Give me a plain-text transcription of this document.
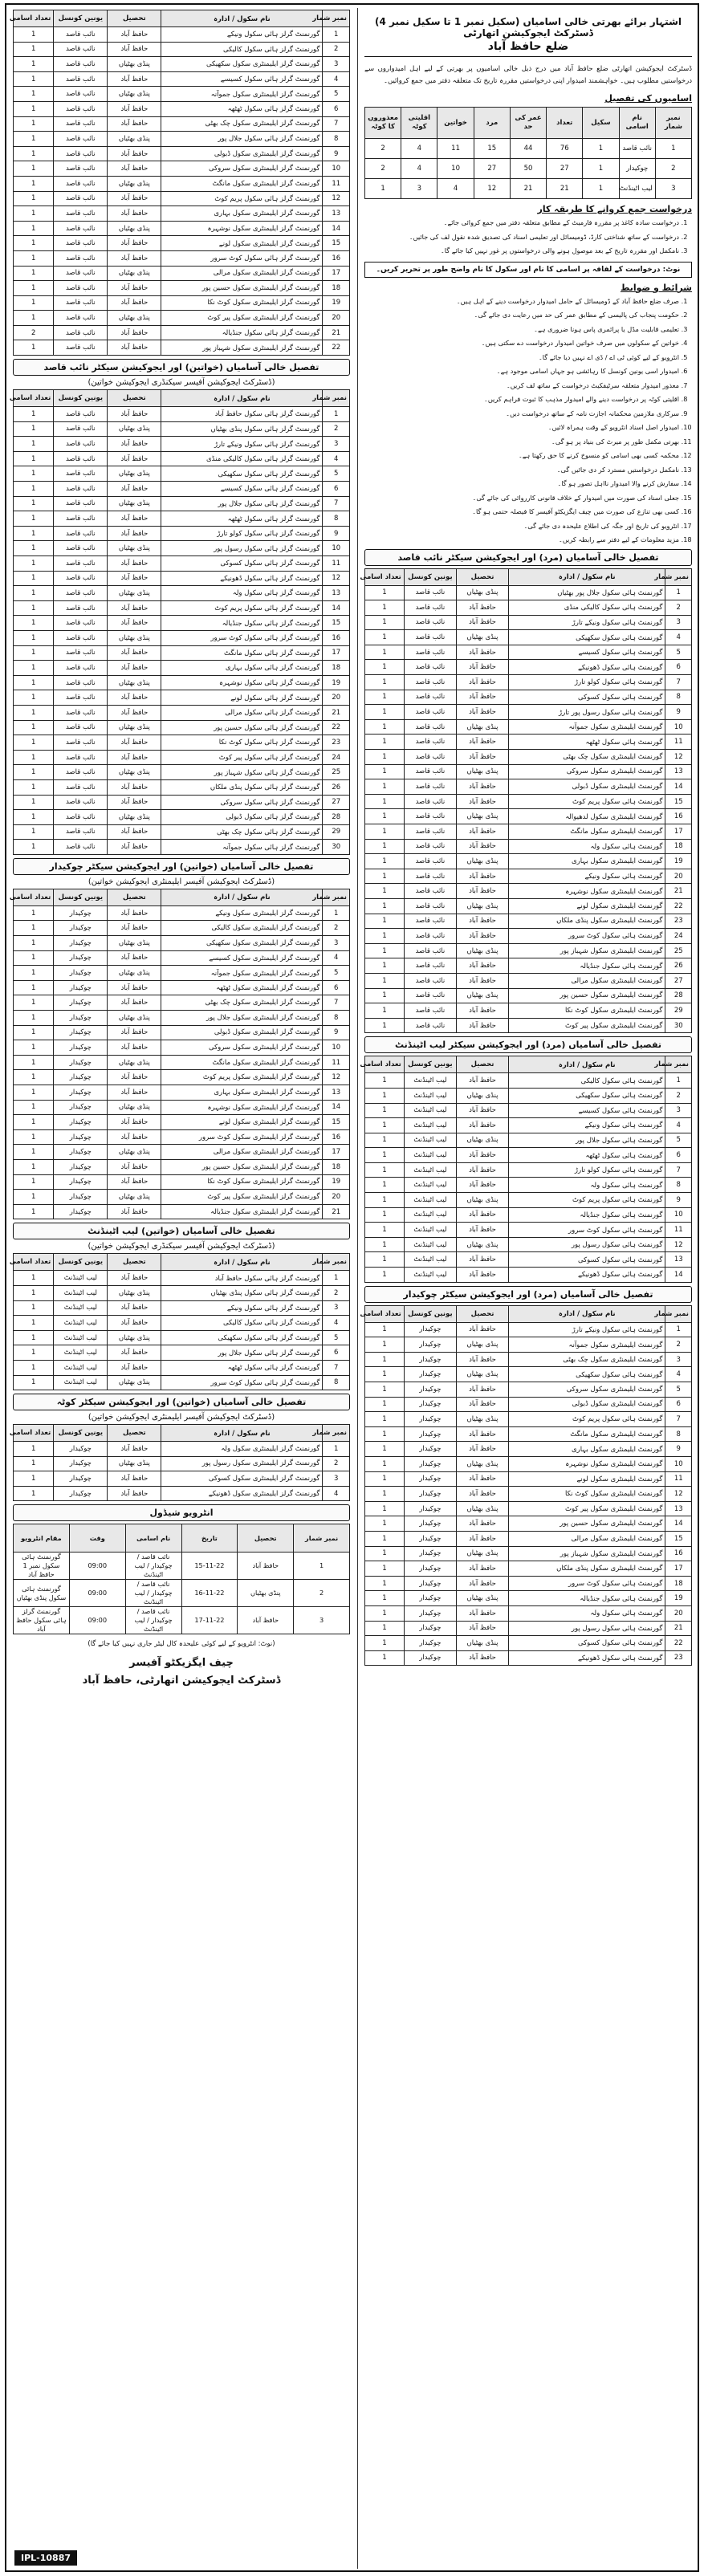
اشتہار برائے بھرتی خالی اسامیاں (سکیل نمبر 1 تا سکیل نمبر 4) ڈسٹرکٹ ایجوکیشن اتھارٹی
ضلع حافظ آباد
ڈسٹرکٹ ایجوکیشن اتھارٹی ضلع حافظ آباد میں درج ذیل خالی اسامیوں پر بھرتی کے لیے اہل امیدواروں سے درخواستیں مطلوب ہیں۔ خواہشمند امیدوار اپنی درخواستیں مقررہ تاریخ تک متعلقہ دفتر میں جمع کروائیں۔
اسامیوں کی تفصیل
نمبر شمار	نام اسامی	سکیل	تعداد	عمر کی حد	مرد	خواتین	اقلیتی کوٹہ	معذوروں کا کوٹہ
1	نائب قاصد	1	76	44	15	11	4	2
2	چوکیدار	1	27	50	27	10	4	2
3	لیب اٹینڈنٹ	1	21	21	12	4	3	1
درخواست جمع کروانے کا طریقہ کار
1. درخواست سادہ کاغذ پر مقررہ فارمیٹ کے مطابق متعلقہ دفتر میں جمع کروائی جائے۔
2. درخواست کے ساتھ شناختی کارڈ، ڈومیسائل اور تعلیمی اسناد کی تصدیق شدہ نقول لف کی جائیں۔
3. نامکمل اور مقررہ تاریخ کے بعد موصول ہونے والی درخواستوں پر غور نہیں کیا جائے گا۔
نوٹ: درخواست کے لفافہ پر اسامی کا نام اور سکول کا نام واضح طور پر تحریر کریں۔
شرائط و ضوابط
1. صرف ضلع حافظ آباد کے ڈومیسائل کے حامل امیدوار درخواست دینے کے اہل ہیں۔
2. حکومت پنجاب کی پالیسی کے مطابق عمر کی حد میں رعایت دی جائے گی۔
3. تعلیمی قابلیت مڈل یا پرائمری پاس ہونا ضروری ہے۔
4. خواتین کے سکولوں میں صرف خواتین امیدوار درخواست دے سکتی ہیں۔
5. انٹرویو کے لیے کوئی ٹی اے / ڈی اے نہیں دیا جائے گا۔
6. امیدوار اسی یونین کونسل کا رہائشی ہو جہاں اسامی موجود ہے۔
7. معذور امیدوار متعلقہ سرٹیفکیٹ درخواست کے ساتھ لف کریں۔
8. اقلیتی کوٹہ پر درخواست دینے والے امیدوار مذہب کا ثبوت فراہم کریں۔
9. سرکاری ملازمین محکمانہ اجازت نامہ کے ساتھ درخواست دیں۔
10. امیدوار اصل اسناد انٹرویو کے وقت ہمراہ لائیں۔
11. بھرتی مکمل طور پر میرٹ کی بنیاد پر ہو گی۔
12. محکمہ کسی بھی اسامی کو منسوخ کرنے کا حق رکھتا ہے۔
13. نامکمل درخواستیں مسترد کر دی جائیں گی۔
14. سفارش کرنے والا امیدوار نااہل تصور ہو گا۔
15. جعلی اسناد کی صورت میں امیدوار کے خلاف قانونی کارروائی کی جائے گی۔
16. کسی بھی تنازع کی صورت میں چیف ایگزیکٹو آفیسر کا فیصلہ حتمی ہو گا۔
17. انٹرویو کی تاریخ اور جگہ کی اطلاع علیحدہ دی جائے گی۔
18. مزید معلومات کے لیے دفتر سے رابطہ کریں۔
تفصیل خالی آسامیاں (مرد) اور ایجوکیشن سیکٹر نائب قاصد
نمبر شمار	نام سکول / ادارہ	تحصیل	یونین کونسل	تعداد اسامی
1	گورنمنٹ ہائی سکول جلال پور بھٹیاں	پنڈی بھٹیاں	نائب قاصد	1
2	گورنمنٹ ہائی سکول کالیکی منڈی	حافظ آباد	نائب قاصد	1
3	گورنمنٹ ہائی سکول ونیکے تارڑ	حافظ آباد	نائب قاصد	1
4	گورنمنٹ ہائی سکول سکھیکی	پنڈی بھٹیاں	نائب قاصد	1
5	گورنمنٹ ہائی سکول کسیسے	حافظ آباد	نائب قاصد	1
6	گورنمنٹ ہائی سکول ڈھونیکے	حافظ آباد	نائب قاصد	1
7	گورنمنٹ ہائی سکول کولو تارڑ	حافظ آباد	نائب قاصد	1
8	گورنمنٹ ہائی سکول کسوکی	حافظ آباد	نائب قاصد	1
9	گورنمنٹ ہائی سکول رسول پور تارڑ	حافظ آباد	نائب قاصد	1
10	گورنمنٹ ایلیمنٹری سکول جموآنہ	پنڈی بھٹیاں	نائب قاصد	1
11	گورنمنٹ ہائی سکول ٹھٹھہ	حافظ آباد	نائب قاصد	1
12	گورنمنٹ ایلیمنٹری سکول چک بھٹی	حافظ آباد	نائب قاصد	1
13	گورنمنٹ ایلیمنٹری سکول سروکی	پنڈی بھٹیاں	نائب قاصد	1
14	گورنمنٹ ایلیمنٹری سکول ڈبولی	حافظ آباد	نائب قاصد	1
15	گورنمنٹ ہائی سکول پریم کوٹ	حافظ آباد	نائب قاصد	1
16	گورنمنٹ ایلیمنٹری سکول لدھیوالہ	پنڈی بھٹیاں	نائب قاصد	1
17	گورنمنٹ ایلیمنٹری سکول مانگٹ	حافظ آباد	نائب قاصد	1
18	گورنمنٹ ہائی سکول ولہ	حافظ آباد	نائب قاصد	1
19	گورنمنٹ ایلیمنٹری سکول بہاری	پنڈی بھٹیاں	نائب قاصد	1
20	گورنمنٹ ہائی سکول ونیکے	حافظ آباد	نائب قاصد	1
21	گورنمنٹ ایلیمنٹری سکول نوشہرہ	حافظ آباد	نائب قاصد	1
22	گورنمنٹ ایلیمنٹری سکول لونے	پنڈی بھٹیاں	نائب قاصد	1
23	گورنمنٹ ایلیمنٹری سکول پنڈی ملکاں	حافظ آباد	نائب قاصد	1
24	گورنمنٹ ہائی سکول کوٹ سرور	حافظ آباد	نائب قاصد	1
25	گورنمنٹ ایلیمنٹری سکول شہباز پور	پنڈی بھٹیاں	نائب قاصد	1
26	گورنمنٹ ہائی سکول جنڈیالہ	حافظ آباد	نائب قاصد	1
27	گورنمنٹ ایلیمنٹری سکول مرالی	حافظ آباد	نائب قاصد	1
28	گورنمنٹ ایلیمنٹری سکول حسین پور	پنڈی بھٹیاں	نائب قاصد	1
29	گورنمنٹ ایلیمنٹری سکول کوٹ نکا	حافظ آباد	نائب قاصد	1
30	گورنمنٹ ایلیمنٹری سکول پیر کوٹ	حافظ آباد	نائب قاصد	1
تفصیل خالی آسامیاں (مرد) اور ایجوکیشن سیکٹر لیب اٹینڈنٹ
نمبر شمار	نام سکول / ادارہ	تحصیل	یونین کونسل	تعداد اسامی
1	گورنمنٹ ہائی سکول کالیکی	حافظ آباد	لیب اٹینڈنٹ	1
2	گورنمنٹ ہائی سکول سکھیکی	پنڈی بھٹیاں	لیب اٹینڈنٹ	1
3	گورنمنٹ ہائی سکول کسیسے	حافظ آباد	لیب اٹینڈنٹ	1
4	گورنمنٹ ہائی سکول ونیکے	حافظ آباد	لیب اٹینڈنٹ	1
5	گورنمنٹ ہائی سکول جلال پور	پنڈی بھٹیاں	لیب اٹینڈنٹ	1
6	گورنمنٹ ہائی سکول ٹھٹھہ	حافظ آباد	لیب اٹینڈنٹ	1
7	گورنمنٹ ہائی سکول کولو تارڑ	حافظ آباد	لیب اٹینڈنٹ	1
8	گورنمنٹ ہائی سکول ولہ	حافظ آباد	لیب اٹینڈنٹ	1
9	گورنمنٹ ہائی سکول پریم کوٹ	پنڈی بھٹیاں	لیب اٹینڈنٹ	1
10	گورنمنٹ ہائی سکول جنڈیالہ	حافظ آباد	لیب اٹینڈنٹ	1
11	گورنمنٹ ہائی سکول کوٹ سرور	حافظ آباد	لیب اٹینڈنٹ	1
12	گورنمنٹ ہائی سکول رسول پور	پنڈی بھٹیاں	لیب اٹینڈنٹ	1
13	گورنمنٹ ہائی سکول کسوکی	حافظ آباد	لیب اٹینڈنٹ	1
14	گورنمنٹ ہائی سکول ڈھونیکے	حافظ آباد	لیب اٹینڈنٹ	1
تفصیل خالی آسامیاں (مرد) اور ایجوکیشن سیکٹر چوکیدار
نمبر شمار	نام سکول / ادارہ	تحصیل	یونین کونسل	تعداد اسامی
1	گورنمنٹ ہائی سکول ونیکے تارڑ	حافظ آباد	چوکیدار	1
2	گورنمنٹ ایلیمنٹری سکول جموآنہ	پنڈی بھٹیاں	چوکیدار	1
3	گورنمنٹ ایلیمنٹری سکول چک بھٹی	حافظ آباد	چوکیدار	1
4	گورنمنٹ ہائی سکول سکھیکی	پنڈی بھٹیاں	چوکیدار	1
5	گورنمنٹ ایلیمنٹری سکول سروکی	حافظ آباد	چوکیدار	1
6	گورنمنٹ ایلیمنٹری سکول ڈبولی	حافظ آباد	چوکیدار	1
7	گورنمنٹ ہائی سکول پریم کوٹ	پنڈی بھٹیاں	چوکیدار	1
8	گورنمنٹ ایلیمنٹری سکول مانگٹ	حافظ آباد	چوکیدار	1
9	گورنمنٹ ایلیمنٹری سکول بہاری	حافظ آباد	چوکیدار	1
10	گورنمنٹ ایلیمنٹری سکول نوشہرہ	پنڈی بھٹیاں	چوکیدار	1
11	گورنمنٹ ایلیمنٹری سکول لونے	حافظ آباد	چوکیدار	1
12	گورنمنٹ ایلیمنٹری سکول کوٹ نکا	حافظ آباد	چوکیدار	1
13	گورنمنٹ ایلیمنٹری سکول پیر کوٹ	پنڈی بھٹیاں	چوکیدار	1
14	گورنمنٹ ایلیمنٹری سکول حسین پور	حافظ آباد	چوکیدار	1
15	گورنمنٹ ایلیمنٹری سکول مرالی	حافظ آباد	چوکیدار	1
16	گورنمنٹ ایلیمنٹری سکول شہباز پور	پنڈی بھٹیاں	چوکیدار	1
17	گورنمنٹ ایلیمنٹری سکول پنڈی ملکاں	حافظ آباد	چوکیدار	1
18	گورنمنٹ ہائی سکول کوٹ سرور	حافظ آباد	چوکیدار	1
19	گورنمنٹ ہائی سکول جنڈیالہ	پنڈی بھٹیاں	چوکیدار	1
20	گورنمنٹ ہائی سکول ولہ	حافظ آباد	چوکیدار	1
21	گورنمنٹ ہائی سکول رسول پور	حافظ آباد	چوکیدار	1
22	گورنمنٹ ہائی سکول کسوکی	پنڈی بھٹیاں	چوکیدار	1
23	گورنمنٹ ہائی سکول ڈھونیکے	حافظ آباد	چوکیدار	1
نمبر شمار	نام سکول / ادارہ	تحصیل	یونین کونسل	تعداد اسامی
1	گورنمنٹ گرلز ہائی سکول ونیکے	حافظ آباد	نائب قاصد	1
2	گورنمنٹ گرلز ہائی سکول کالیکی	حافظ آباد	نائب قاصد	1
3	گورنمنٹ گرلز ایلیمنٹری سکول سکھیکی	پنڈی بھٹیاں	نائب قاصد	1
4	گورنمنٹ گرلز ہائی سکول کسیسے	حافظ آباد	نائب قاصد	1
5	گورنمنٹ گرلز ایلیمنٹری سکول جموآنہ	پنڈی بھٹیاں	نائب قاصد	1
6	گورنمنٹ گرلز ہائی سکول ٹھٹھہ	حافظ آباد	نائب قاصد	1
7	گورنمنٹ گرلز ایلیمنٹری سکول چک بھٹی	حافظ آباد	نائب قاصد	1
8	گورنمنٹ گرلز ہائی سکول جلال پور	پنڈی بھٹیاں	نائب قاصد	1
9	گورنمنٹ گرلز ایلیمنٹری سکول ڈبولی	حافظ آباد	نائب قاصد	1
10	گورنمنٹ گرلز ایلیمنٹری سکول سروکی	حافظ آباد	نائب قاصد	1
11	گورنمنٹ گرلز ایلیمنٹری سکول مانگٹ	پنڈی بھٹیاں	نائب قاصد	1
12	گورنمنٹ گرلز ہائی سکول پریم کوٹ	حافظ آباد	نائب قاصد	1
13	گورنمنٹ گرلز ایلیمنٹری سکول بہاری	حافظ آباد	نائب قاصد	1
14	گورنمنٹ گرلز ایلیمنٹری سکول نوشہرہ	پنڈی بھٹیاں	نائب قاصد	1
15	گورنمنٹ گرلز ایلیمنٹری سکول لونے	حافظ آباد	نائب قاصد	1
16	گورنمنٹ گرلز ہائی سکول کوٹ سرور	حافظ آباد	نائب قاصد	1
17	گورنمنٹ گرلز ایلیمنٹری سکول مرالی	پنڈی بھٹیاں	نائب قاصد	1
18	گورنمنٹ گرلز ایلیمنٹری سکول حسین پور	حافظ آباد	نائب قاصد	1
19	گورنمنٹ گرلز ایلیمنٹری سکول کوٹ نکا	حافظ آباد	نائب قاصد	1
20	گورنمنٹ گرلز ایلیمنٹری سکول پیر کوٹ	پنڈی بھٹیاں	نائب قاصد	1
21	گورنمنٹ گرلز ہائی سکول جنڈیالہ	حافظ آباد	نائب قاصد	2
22	گورنمنٹ گرلز ایلیمنٹری سکول شہباز پور	حافظ آباد	نائب قاصد	1
تفصیل خالی آسامیاں (خواتین) اور ایجوکیشن سیکٹر نائب قاصد
(ڈسٹرکٹ ایجوکیشن آفیسر سیکنڈری ایجوکیشن خواتین)
نمبر شمار	نام سکول / ادارہ	تحصیل	یونین کونسل	تعداد اسامی
1	گورنمنٹ گرلز ہائی سکول حافظ آباد	حافظ آباد	نائب قاصد	1
2	گورنمنٹ گرلز ہائی سکول پنڈی بھٹیاں	پنڈی بھٹیاں	نائب قاصد	1
3	گورنمنٹ گرلز ہائی سکول ونیکے تارڑ	حافظ آباد	نائب قاصد	1
4	گورنمنٹ گرلز ہائی سکول کالیکی منڈی	حافظ آباد	نائب قاصد	1
5	گورنمنٹ گرلز ہائی سکول سکھیکی	پنڈی بھٹیاں	نائب قاصد	1
6	گورنمنٹ گرلز ہائی سکول کسیسے	حافظ آباد	نائب قاصد	1
7	گورنمنٹ گرلز ہائی سکول جلال پور	پنڈی بھٹیاں	نائب قاصد	1
8	گورنمنٹ گرلز ہائی سکول ٹھٹھہ	حافظ آباد	نائب قاصد	1
9	گورنمنٹ گرلز ہائی سکول کولو تارڑ	حافظ آباد	نائب قاصد	1
10	گورنمنٹ گرلز ہائی سکول رسول پور	پنڈی بھٹیاں	نائب قاصد	1
11	گورنمنٹ گرلز ہائی سکول کسوکی	حافظ آباد	نائب قاصد	1
12	گورنمنٹ گرلز ہائی سکول ڈھونیکے	حافظ آباد	نائب قاصد	1
13	گورنمنٹ گرلز ہائی سکول ولہ	پنڈی بھٹیاں	نائب قاصد	1
14	گورنمنٹ گرلز ہائی سکول پریم کوٹ	حافظ آباد	نائب قاصد	1
15	گورنمنٹ گرلز ہائی سکول جنڈیالہ	حافظ آباد	نائب قاصد	1
16	گورنمنٹ گرلز ہائی سکول کوٹ سرور	پنڈی بھٹیاں	نائب قاصد	1
17	گورنمنٹ گرلز ہائی سکول مانگٹ	حافظ آباد	نائب قاصد	1
18	گورنمنٹ گرلز ہائی سکول بہاری	حافظ آباد	نائب قاصد	1
19	گورنمنٹ گرلز ہائی سکول نوشہرہ	پنڈی بھٹیاں	نائب قاصد	1
20	گورنمنٹ گرلز ہائی سکول لونے	حافظ آباد	نائب قاصد	1
21	گورنمنٹ گرلز ہائی سکول مرالی	حافظ آباد	نائب قاصد	1
22	گورنمنٹ گرلز ہائی سکول حسین پور	پنڈی بھٹیاں	نائب قاصد	1
23	گورنمنٹ گرلز ہائی سکول کوٹ نکا	حافظ آباد	نائب قاصد	1
24	گورنمنٹ گرلز ہائی سکول پیر کوٹ	حافظ آباد	نائب قاصد	1
25	گورنمنٹ گرلز ہائی سکول شہباز پور	پنڈی بھٹیاں	نائب قاصد	1
26	گورنمنٹ گرلز ہائی سکول پنڈی ملکاں	حافظ آباد	نائب قاصد	1
27	گورنمنٹ گرلز ہائی سکول سروکی	حافظ آباد	نائب قاصد	1
28	گورنمنٹ گرلز ہائی سکول ڈبولی	پنڈی بھٹیاں	نائب قاصد	1
29	گورنمنٹ گرلز ہائی سکول چک بھٹی	حافظ آباد	نائب قاصد	1
30	گورنمنٹ گرلز ہائی سکول جموآنہ	حافظ آباد	نائب قاصد	1
تفصیل خالی آسامیاں (خواتین) اور ایجوکیشن سیکٹر چوکیدار
(ڈسٹرکٹ ایجوکیشن آفیسر ایلیمنٹری ایجوکیشن خواتین)
نمبر شمار	نام سکول / ادارہ	تحصیل	یونین کونسل	تعداد اسامی
1	گورنمنٹ گرلز ایلیمنٹری سکول ونیکے	حافظ آباد	چوکیدار	1
2	گورنمنٹ گرلز ایلیمنٹری سکول کالیکی	حافظ آباد	چوکیدار	1
3	گورنمنٹ گرلز ایلیمنٹری سکول سکھیکی	پنڈی بھٹیاں	چوکیدار	1
4	گورنمنٹ گرلز ایلیمنٹری سکول کسیسے	حافظ آباد	چوکیدار	1
5	گورنمنٹ گرلز ایلیمنٹری سکول جموآنہ	پنڈی بھٹیاں	چوکیدار	1
6	گورنمنٹ گرلز ایلیمنٹری سکول ٹھٹھہ	حافظ آباد	چوکیدار	1
7	گورنمنٹ گرلز ایلیمنٹری سکول چک بھٹی	حافظ آباد	چوکیدار	1
8	گورنمنٹ گرلز ایلیمنٹری سکول جلال پور	پنڈی بھٹیاں	چوکیدار	1
9	گورنمنٹ گرلز ایلیمنٹری سکول ڈبولی	حافظ آباد	چوکیدار	1
10	گورنمنٹ گرلز ایلیمنٹری سکول سروکی	حافظ آباد	چوکیدار	1
11	گورنمنٹ گرلز ایلیمنٹری سکول مانگٹ	پنڈی بھٹیاں	چوکیدار	1
12	گورنمنٹ گرلز ایلیمنٹری سکول پریم کوٹ	حافظ آباد	چوکیدار	1
13	گورنمنٹ گرلز ایلیمنٹری سکول بہاری	حافظ آباد	چوکیدار	1
14	گورنمنٹ گرلز ایلیمنٹری سکول نوشہرہ	پنڈی بھٹیاں	چوکیدار	1
15	گورنمنٹ گرلز ایلیمنٹری سکول لونے	حافظ آباد	چوکیدار	1
16	گورنمنٹ گرلز ایلیمنٹری سکول کوٹ سرور	حافظ آباد	چوکیدار	1
17	گورنمنٹ گرلز ایلیمنٹری سکول مرالی	پنڈی بھٹیاں	چوکیدار	1
18	گورنمنٹ گرلز ایلیمنٹری سکول حسین پور	حافظ آباد	چوکیدار	1
19	گورنمنٹ گرلز ایلیمنٹری سکول کوٹ نکا	حافظ آباد	چوکیدار	1
20	گورنمنٹ گرلز ایلیمنٹری سکول پیر کوٹ	پنڈی بھٹیاں	چوکیدار	1
21	گورنمنٹ گرلز ایلیمنٹری سکول جنڈیالہ	حافظ آباد	چوکیدار	1
تفصیل خالی آسامیاں (خواتین) لیب اٹینڈنٹ
(ڈسٹرکٹ ایجوکیشن آفیسر سیکنڈری ایجوکیشن خواتین)
نمبر شمار	نام سکول / ادارہ	تحصیل	یونین کونسل	تعداد اسامی
1	گورنمنٹ گرلز ہائی سکول حافظ آباد	حافظ آباد	لیب اٹینڈنٹ	1
2	گورنمنٹ گرلز ہائی سکول پنڈی بھٹیاں	پنڈی بھٹیاں	لیب اٹینڈنٹ	1
3	گورنمنٹ گرلز ہائی سکول ونیکے	حافظ آباد	لیب اٹینڈنٹ	1
4	گورنمنٹ گرلز ہائی سکول کالیکی	حافظ آباد	لیب اٹینڈنٹ	1
5	گورنمنٹ گرلز ہائی سکول سکھیکی	پنڈی بھٹیاں	لیب اٹینڈنٹ	1
6	گورنمنٹ گرلز ہائی سکول جلال پور	حافظ آباد	لیب اٹینڈنٹ	1
7	گورنمنٹ گرلز ہائی سکول ٹھٹھہ	حافظ آباد	لیب اٹینڈنٹ	1
8	گورنمنٹ گرلز ہائی سکول کوٹ سرور	پنڈی بھٹیاں	لیب اٹینڈنٹ	1
تفصیل خالی آسامیاں (خواتین) اور ایجوکیشن سیکٹر کوٹہ
(ڈسٹرکٹ ایجوکیشن آفیسر ایلیمنٹری ایجوکیشن خواتین)
نمبر شمار	نام سکول / ادارہ	تحصیل	یونین کونسل	تعداد اسامی
1	گورنمنٹ گرلز ایلیمنٹری سکول ولہ	حافظ آباد	چوکیدار	1
2	گورنمنٹ گرلز ایلیمنٹری سکول رسول پور	پنڈی بھٹیاں	چوکیدار	1
3	گورنمنٹ گرلز ایلیمنٹری سکول کسوکی	حافظ آباد	چوکیدار	1
4	گورنمنٹ گرلز ایلیمنٹری سکول ڈھونیکے	حافظ آباد	چوکیدار	1
انٹرویو شیڈول
نمبر شمار	تحصیل	تاریخ	نام اسامی	وقت	مقام انٹرویو
1	حافظ آباد	15-11-22	نائب قاصد / چوکیدار / لیب اٹینڈنٹ	09:00	گورنمنٹ ہائی سکول نمبر 1 حافظ آباد
2	پنڈی بھٹیاں	16-11-22	نائب قاصد / چوکیدار / لیب اٹینڈنٹ	09:00	گورنمنٹ ہائی سکول پنڈی بھٹیاں
3	حافظ آباد	17-11-22	نائب قاصد / چوکیدار / لیب اٹینڈنٹ	09:00	گورنمنٹ گرلز ہائی سکول حافظ آباد
(نوٹ: انٹرویو کے لیے کوئی علیحدہ کال لیٹر جاری نہیں کیا جائے گا)
چیف ایگزیکٹو آفیسر
ڈسٹرکٹ ایجوکیشن اتھارٹی، حافظ آباد
IPL-10887
